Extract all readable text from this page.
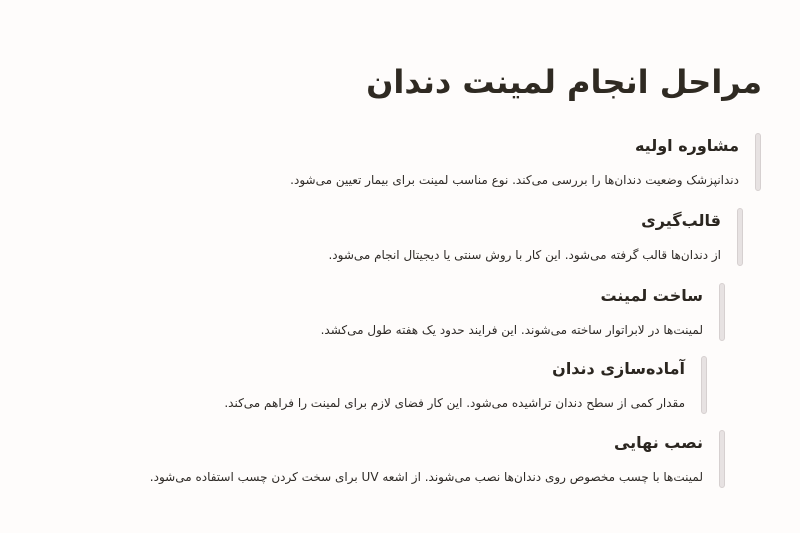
مراحل انجام لمینت دندان
مشاوره اولیه

دندانپزشک وضعیت دندان‌ها را بررسی می‌کند. نوع مناسب لمینت برای بیمار تعیین می‌شود.

قالب‌گیری

از دندان‌ها قالب گرفته می‌شود. این کار با روش سنتی یا دیجیتال انجام می‌شود.

ساخت لمینت

لمینت‌ها در لابراتوار ساخته می‌شوند. این فرایند حدود یک هفته طول می‌کشد.

آماده‌سازی دندان

مقدار کمی از سطح دندان تراشیده می‌شود. این کار فضای لازم برای لمینت را فراهم می‌کند.

نصب نهایی

لمینت‌ها با چسب مخصوص روی دندان‌ها نصب می‌شوند. از اشعه UV برای سخت کردن چسب استفاده می‌شود.
